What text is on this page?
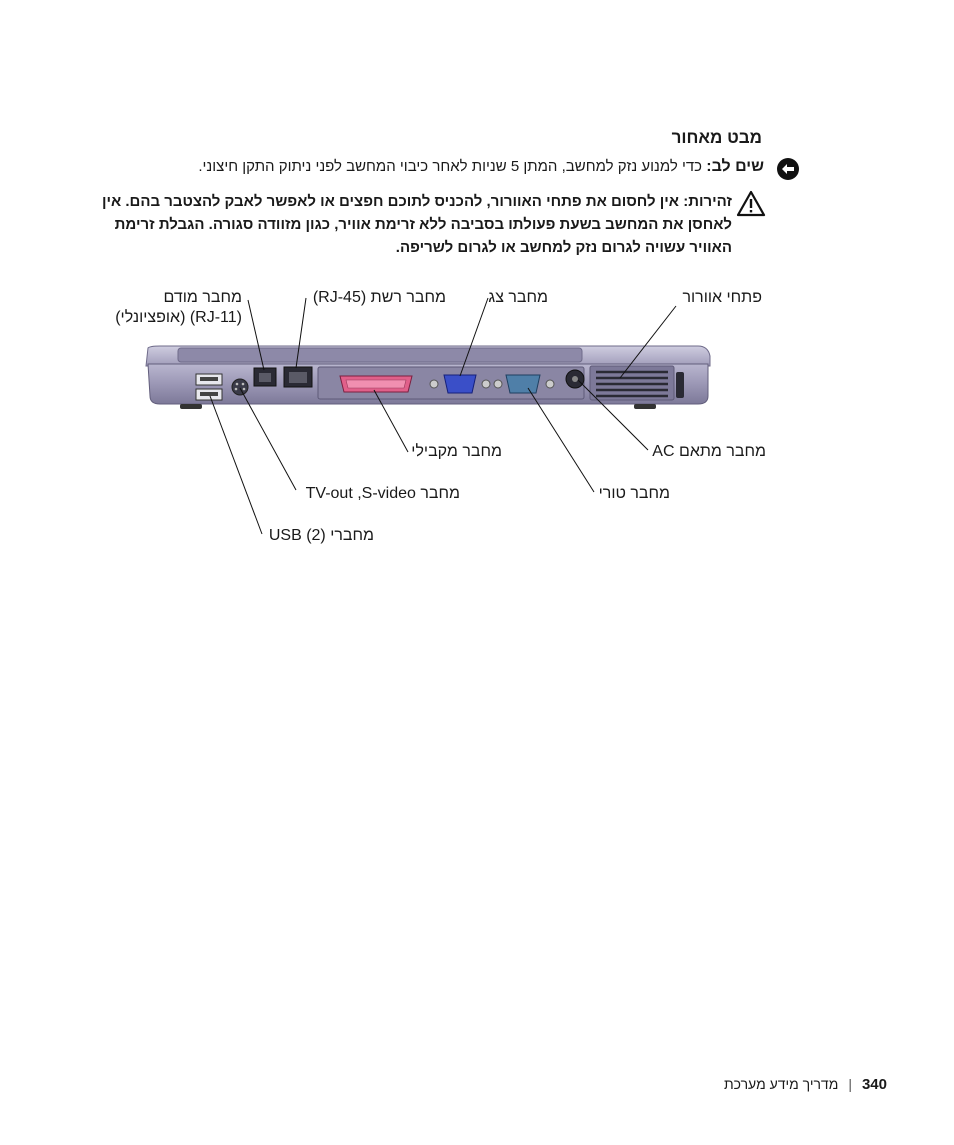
מבט מאחור
שים לב: כדי למנוע נזק למחשב, המתן 5 שניות לאחר כיבוי המחשב לפני ניתוק התקן חיצוני.
זהירות: אין לחסום את פתחי האוורור, להכניס לתוכם חפצים או לאפשר לאבק להצטבר בהם. אין לאחסן את המחשב בשעת פעולתו בסביבה ללא זרימת אוויר, כגון מזוודה סגורה. הגבלת זרימת האוויר עשויה לגרום נזק למחשב או לגרום לשריפה.
מחבר מודם
(RJ-11) (אופציונלי)
מחבר רשת (RJ-45)	מחבר צג	פתחי אוורור
מחבר מקבילי	מחבר מתאם AC
מחבר TV-out ,S-video	מחבר טורי
מחברי USB (2)
340
|
מדריך מידע מערכת
